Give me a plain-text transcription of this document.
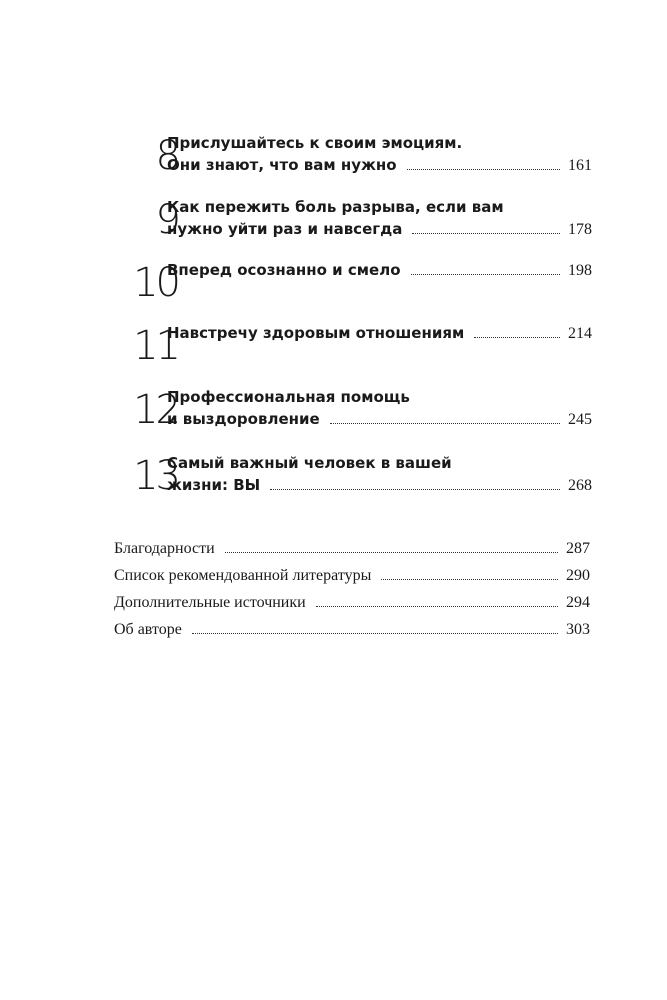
8
Прислушайтесь к своим эмоциям.
Они знают, что вам нужно	161
9
Как пережить боль разрыва, если вам
нужно уйти раз и навсегда	178
10
Вперед осознанно и смело	198
11
Навстречу здоровым отношениям	214
12
Профессиональная помощь
и выздоровление	245
13
Самый важный человек в вашей
жизни: ВЫ	268
Благодарности	287
Список рекомендованной литературы	290
Дополнительные источники	294
Об авторе	303
